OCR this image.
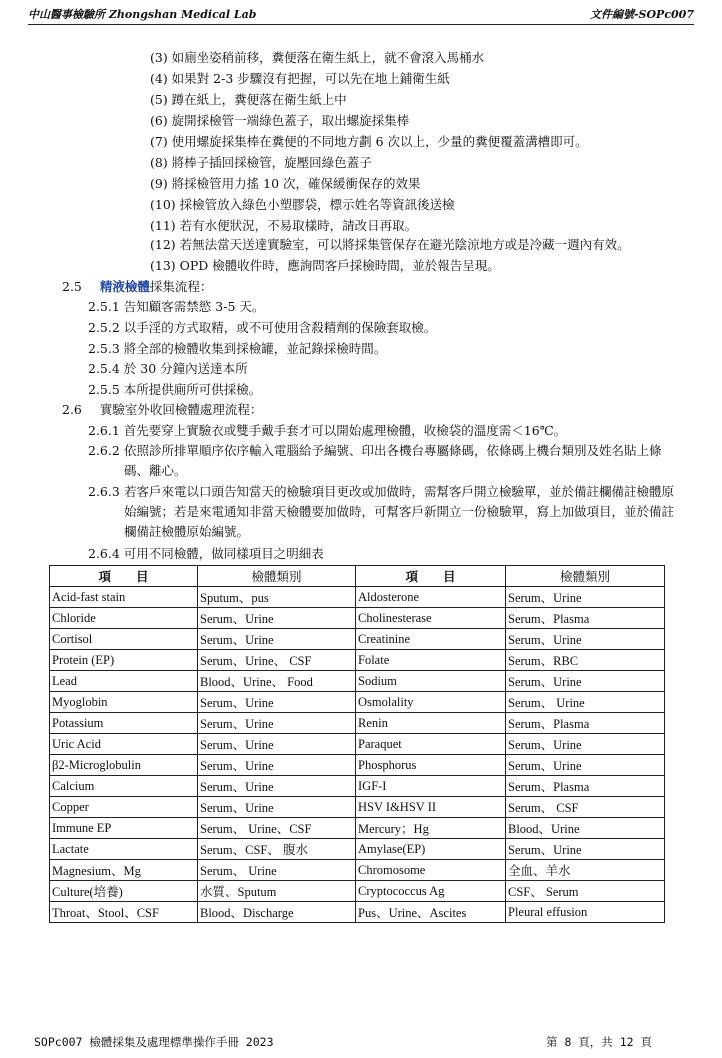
中山醫事檢驗所 Zhongshan Medical Lab	文件編號-SOPc007
(3) 如廁坐姿稍前移，糞便落在衛生紙上，就不會滾入馬桶水
(4) 如果對 2-3 步驟沒有把握，可以先在地上鋪衛生紙
(5) 蹲在紙上，糞便落在衛生紙上中
(6) 旋開採檢管一端綠色蓋子，取出螺旋採集棒
(7) 使用螺旋採集棒在糞便的不同地方劃 6 次以上，少量的糞便覆蓋溝槽即可。
(8) 將棒子插回採檢管，旋壓回綠色蓋子
(9) 將採檢管用力搖 10 次，確保緩衝保存的效果
(10) 採檢管放入綠色小塑膠袋，標示姓名等資訊後送檢
(11) 若有水便狀況，不易取樣時，請改日再取。
(12) 若無法當天送達實驗室，可以將採集管保存在避光陰涼地方或是冷藏一週內有效。
(13) OPD 檢體收件時，應詢問客戶採檢時間，並於報告呈現。
2.5 精液檢體採集流程：
2.5.1 告知顧客需禁慾 3-5 天。
2.5.2 以手淫的方式取精，或不可使用含殺精劑的保險套取檢。
2.5.3 將全部的檢體收集到採檢罐，並記錄採檢時間。
2.5.4 於 30 分鐘內送達本所
2.5.5 本所提供廁所可供採檢。
2.6 實驗室外收回檢體處理流程：
2.6.1 首先要穿上實驗衣或雙手戴手套才可以開始處理檢體，收檢袋的溫度需＜16℃。
2.6.2 依照診所排單順序依序輸入電腦給予編號、印出各機台專屬條碼，依條碼上機台類別及姓名貼上條碼、離心。
2.6.3 若客戶來電以口頭告知當天的檢驗項目更改或加做時，需幫客戶開立檢驗單，並於備註欄備註檢體原始編號；若是來電通知非當天檢體要加做時，可幫客戶新開立一份檢驗單，寫上加做項目，並於備註欄備註檢體原始編號。
2.6.4 可用不同檢體，做同樣項目之明細表
項　　目	檢體類別	項　　目	檢體類別
Acid-fast stain	Sputum、pus	Aldosterone	Serum、Urine
Chloride	Serum、Urine	Cholinesterase	Serum、Plasma
Cortisol	Serum、Urine	Creatinine	Serum、Urine
Protein (EP)	Serum、Urine、 CSF	Folate	Serum、RBC
Lead	Blood、Urine、 Food	Sodium	Serum、Urine
Myoglobin	Serum、Urine	Osmolality	Serum、 Urine
Potassium	Serum、Urine	Renin	Serum、Plasma
Uric Acid	Serum、Urine	Paraquet	Serum、Urine
β2-Microglobulin	Serum、Urine	Phosphorus	Serum、Urine
Calcium	Serum、Urine	IGF-I	Serum、Plasma
Copper	Serum、Urine	HSV I&HSV II	Serum、 CSF
Immune EP	Serum、 Urine、CSF	Mercury；Hg	Blood、Urine
Lactate	Serum、CSF、 腹水	Amylase(EP)	Serum、Urine
Magnesium、Mg	Serum、 Urine	Chromosome	全血、羊水
Culture(培養)	水質、Sputum	Cryptococcus Ag	CSF、 Serum
Throat、Stool、CSF	Blood、Discharge	Pus、Urine、Ascites	Pleural effusion
SOPc007 檢體採集及處理標準操作手冊 2023	第 8 頁，共 12 頁
